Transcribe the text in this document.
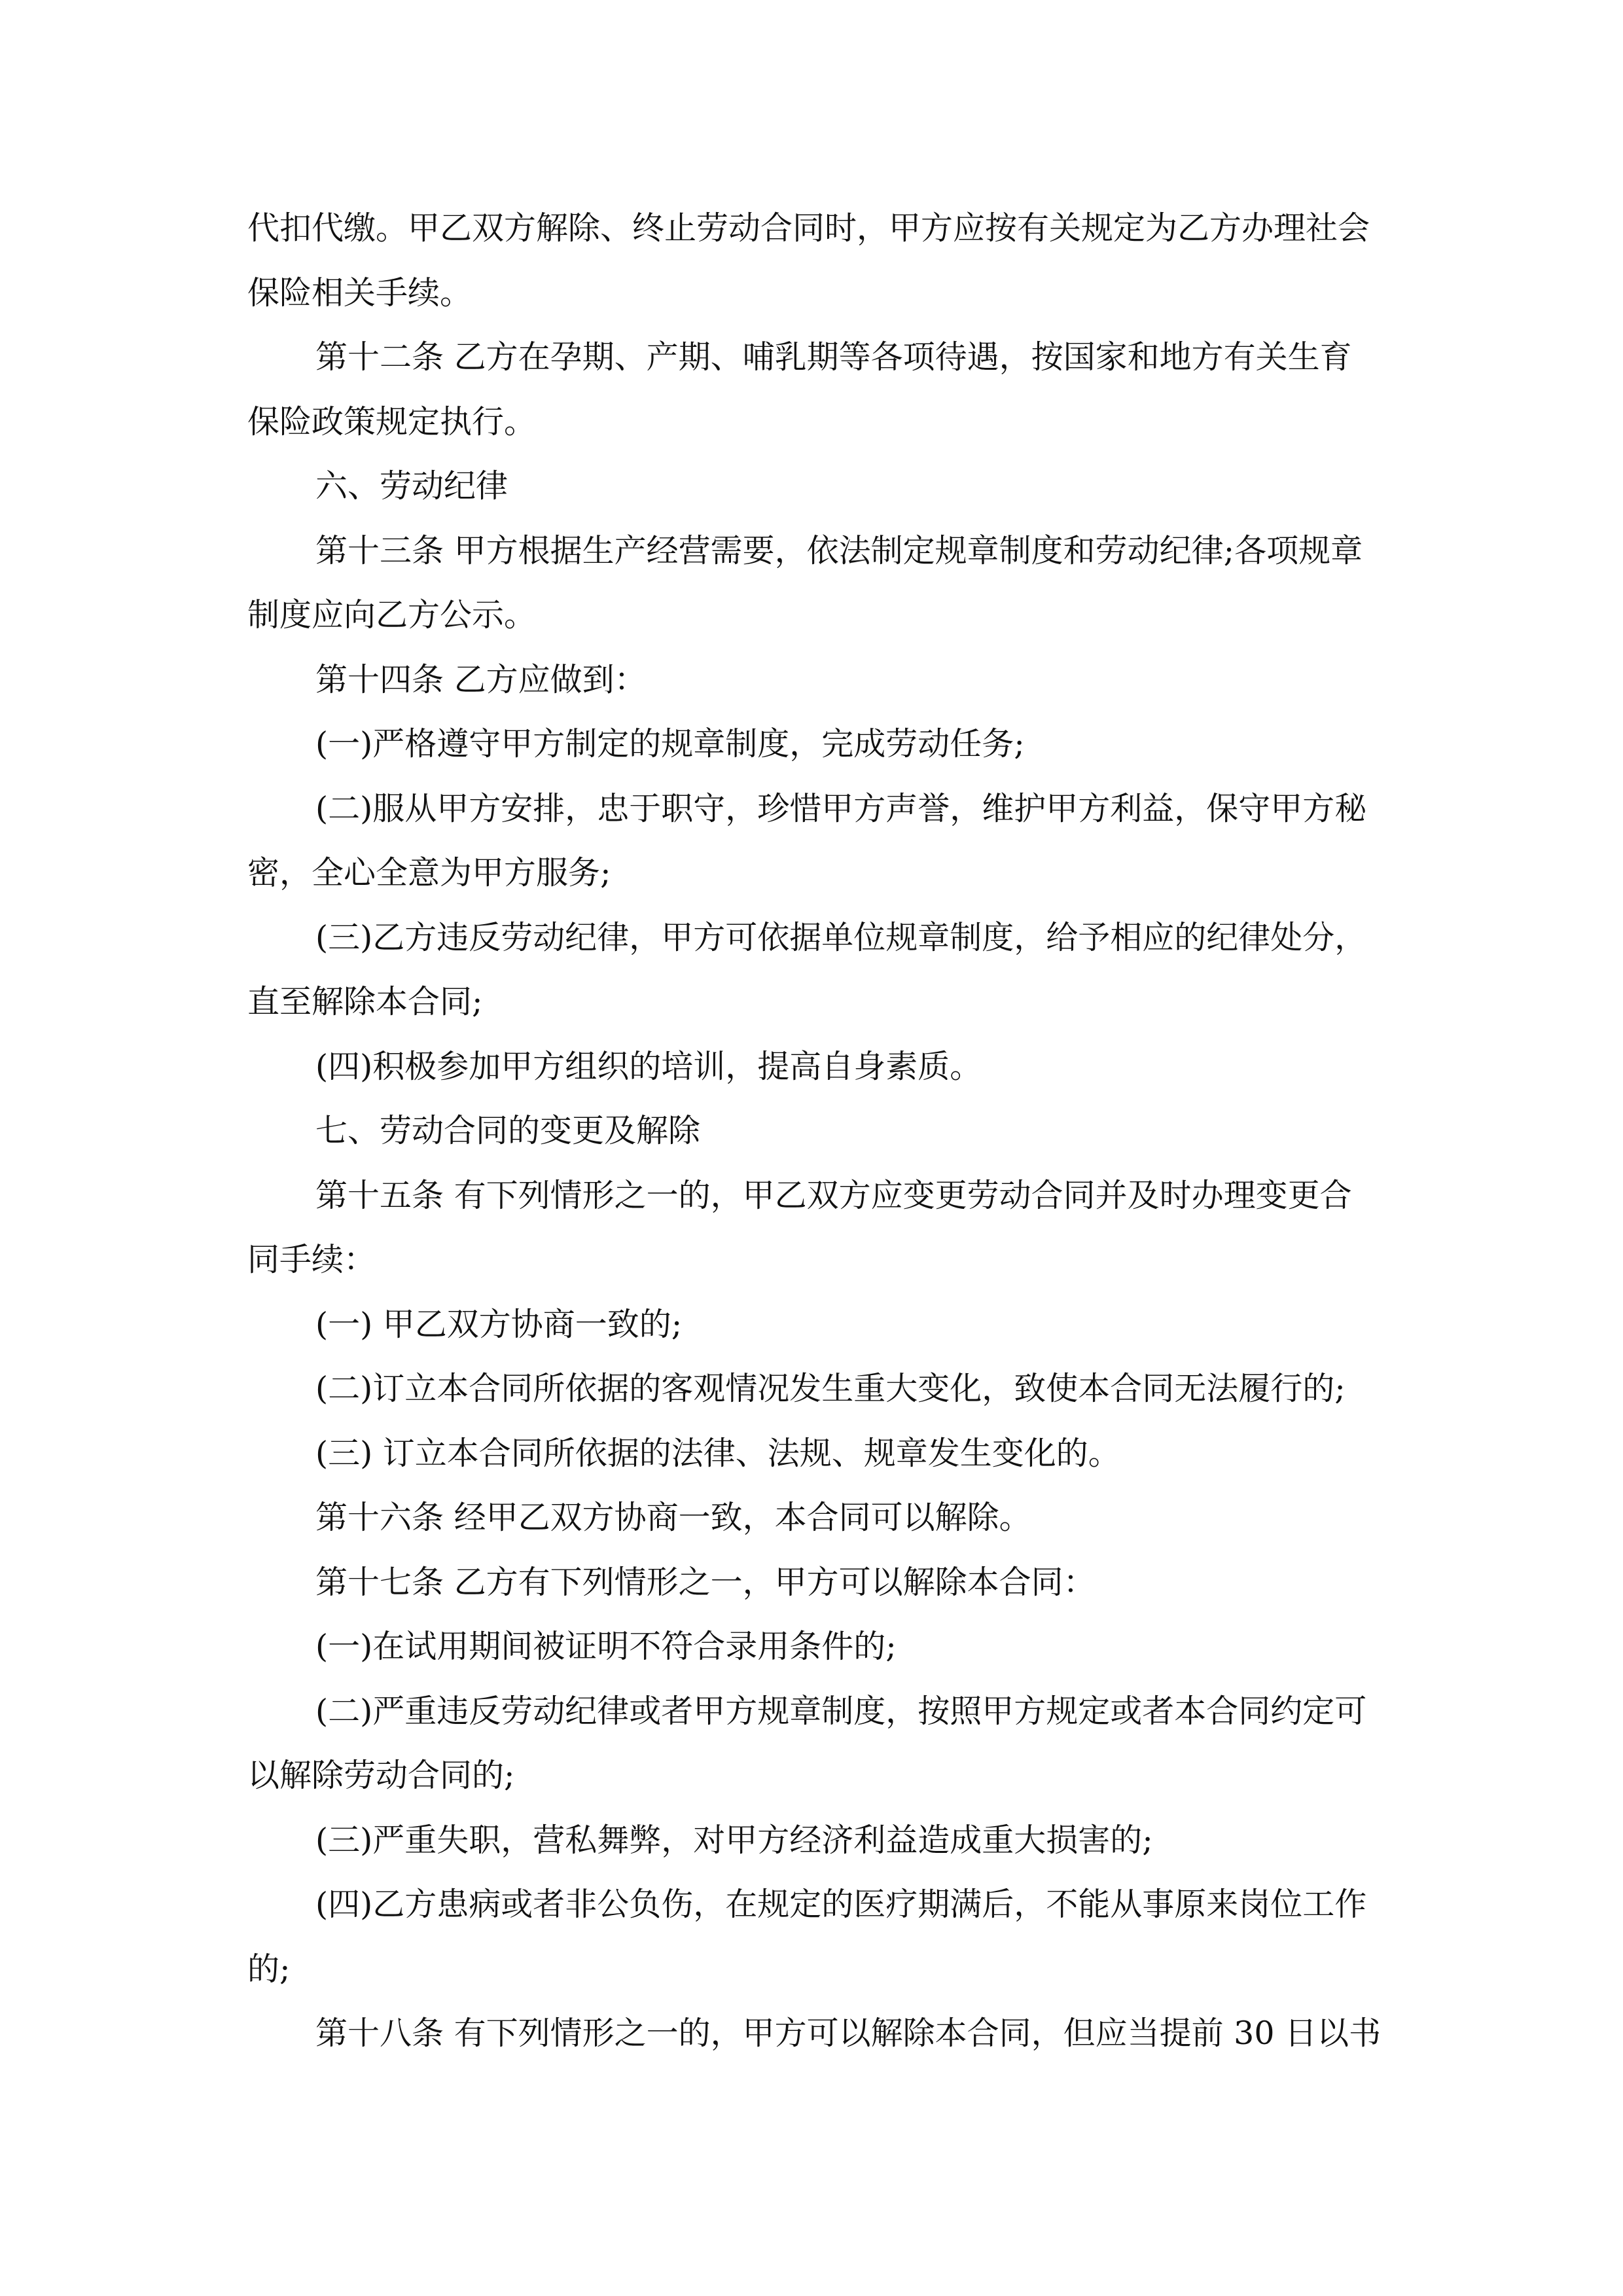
代扣代缴。甲乙双方解除、终止劳动合同时，甲方应按有关规定为乙方办理社会
保险相关手续。
第十二条 乙方在孕期、产期、哺乳期等各项待遇，按国家和地方有关生育
保险政策规定执行。
六、劳动纪律
第十三条 甲方根据生产经营需要，依法制定规章制度和劳动纪律;各项规章
制度应向乙方公示。
第十四条 乙方应做到：
(一)严格遵守甲方制定的规章制度，完成劳动任务;
(二)服从甲方安排，忠于职守，珍惜甲方声誉，维护甲方利益，保守甲方秘
密，全心全意为甲方服务;
(三)乙方违反劳动纪律，甲方可依据单位规章制度，给予相应的纪律处分，
直至解除本合同;
(四)积极参加甲方组织的培训，提高自身素质。
七、劳动合同的变更及解除
第十五条 有下列情形之一的，甲乙双方应变更劳动合同并及时办理变更合
同手续：
(一) 甲乙双方协商一致的;
(二)订立本合同所依据的客观情况发生重大变化，致使本合同无法履行的;
(三) 订立本合同所依据的法律、法规、规章发生变化的。
第十六条 经甲乙双方协商一致，本合同可以解除。
第十七条 乙方有下列情形之一，甲方可以解除本合同：
(一)在试用期间被证明不符合录用条件的;
(二)严重违反劳动纪律或者甲方规章制度，按照甲方规定或者本合同约定可
以解除劳动合同的;
(三)严重失职，营私舞弊，对甲方经济利益造成重大损害的;
(四)乙方患病或者非公负伤，在规定的医疗期满后，不能从事原来岗位工作
的;
第十八条 有下列情形之一的，甲方可以解除本合同，但应当提前 30 日以书
